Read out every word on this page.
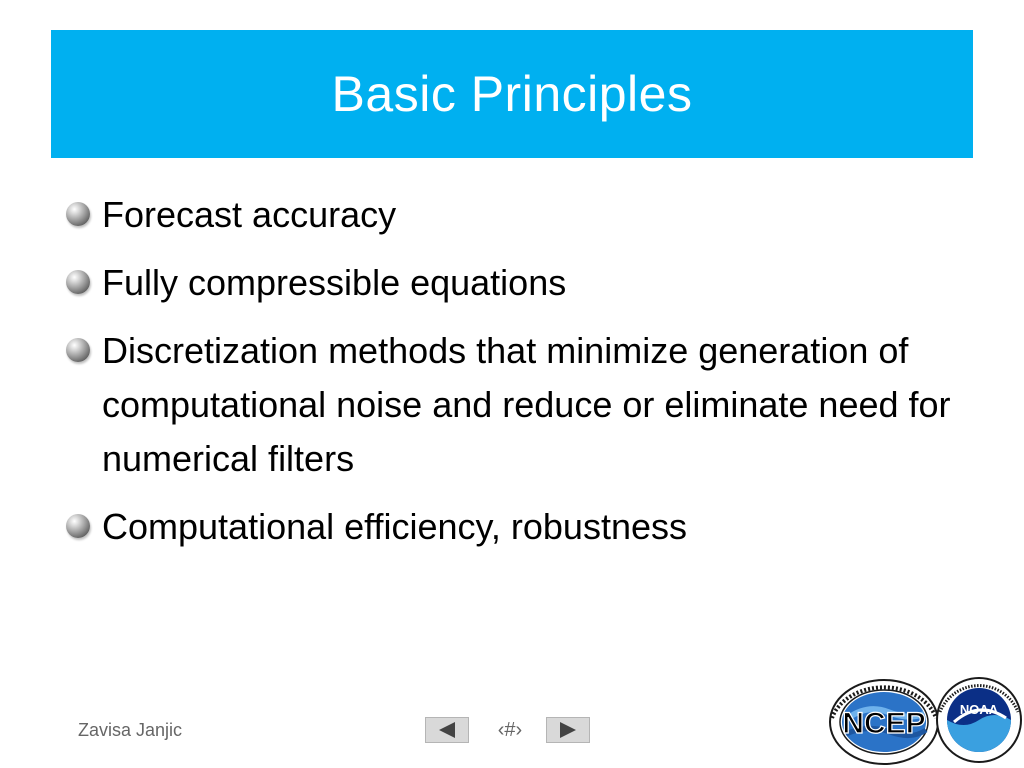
Basic Principles
Forecast accuracy
Fully compressible equations
Discretization methods that minimize generation of computational noise and reduce or eliminate need for numerical filters
Computational efficiency, robustness
Zavisa Janjic	‹#›	NCEP	NOAA
